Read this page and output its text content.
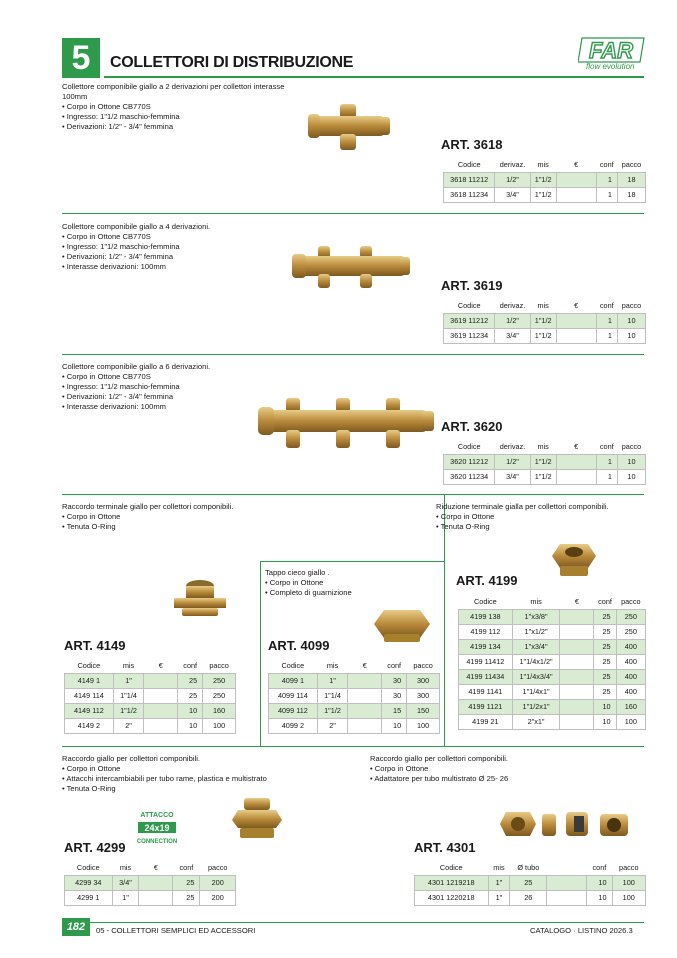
5	COLLETTORI DI DISTRIBUZIONE	FAR
flow evolution
Collettore componibile giallo a 2 derivazioni per collettori interasse 100mm
• Corpo in Ottone CB770S
• Ingresso: 1"1/2 maschio-femmina
• Derivazioni: 1/2" - 3/4" femmina
ART. 3618
Codice	derivaz.	mis	€	conf	pacco
3618 11212	1/2"	1"1/2		1	18
3618 11234	3/4"	1"1/2		1	18
Collettore componibile giallo a 4 derivazioni.
• Corpo in Ottone CB770S
• Ingresso: 1"1/2 maschio-femmina
• Derivazioni: 1/2" - 3/4" femmina
• Interasse derivazioni: 100mm
ART. 3619
Codice	derivaz.	mis	€	conf	pacco
3619 11212	1/2"	1"1/2		1	10
3619 11234	3/4"	1"1/2		1	10
Collettore componibile giallo a 6 derivazioni.
• Corpo in Ottone CB770S
• Ingresso: 1"1/2 maschio-femmina
• Derivazioni: 1/2" - 3/4" femmina
• Interasse derivazioni: 100mm
ART. 3620
Codice	derivaz.	mis	€	conf	pacco
3620 11212	1/2"	1"1/2		1	10
3620 11234	3/4"	1"1/2		1	10
Raccordo terminale giallo per collettori componibili.
• Corpo in Ottone
• Tenuta O-Ring
ART. 4149
Codice	mis	€	conf	pacco
4149 1	1"		25	250
4149 114	1"1/4		25	250
4149 112	1"1/2		10	160
4149 2	2"		10	100
Tappo cieco giallo .
• Corpo in Ottone
• Completo di guarnizione
ART. 4099
Codice	mis	€	conf	pacco
4099 1	1"		30	300
4099 114	1"1/4		30	300
4099 112	1"1/2		15	150
4099 2	2"		10	100
Riduzione terminale gialla per collettori componibili.
• Corpo in Ottone
• Tenuta O-Ring
ART. 4199
Codice	mis	€	conf	pacco
4199 138	1"x3/8"		25	250
4199 112	1"x1/2"		25	250
4199 134	1"x3/4"		25	400
4199 11412	1"1/4x1/2"		25	400
4199 11434	1"1/4x3/4"		25	400
4199 1141	1"1/4x1"		25	400
4199 1121	1"1/2x1"		10	160
4199 21	2"x1"		10	100
Raccordo giallo per collettori componibili.
• Corpo in Ottone
• Attacchi intercambiabili per tubo rame, plastica e multistrato
• Tenuta O-Ring
ATTACCO
24x19
CONNECTION
ART. 4299
Codice	mis	€	conf	pacco
4299 34	3/4"		25	200
4299 1	1"		25	200
Raccordo giallo per collettori componibili.
• Corpo in Ottone
• Adattatore per tubo multistrato Ø 25- 26
ART. 4301
Codice	mis	Ø tubo		conf	pacco
4301 1219218	1"	25		10	100
4301 1220218	1"	26		10	100
182	05 - COLLETTORI SEMPLICI ED ACCESSORI	CATALOGO · LISTINO 2026.3
